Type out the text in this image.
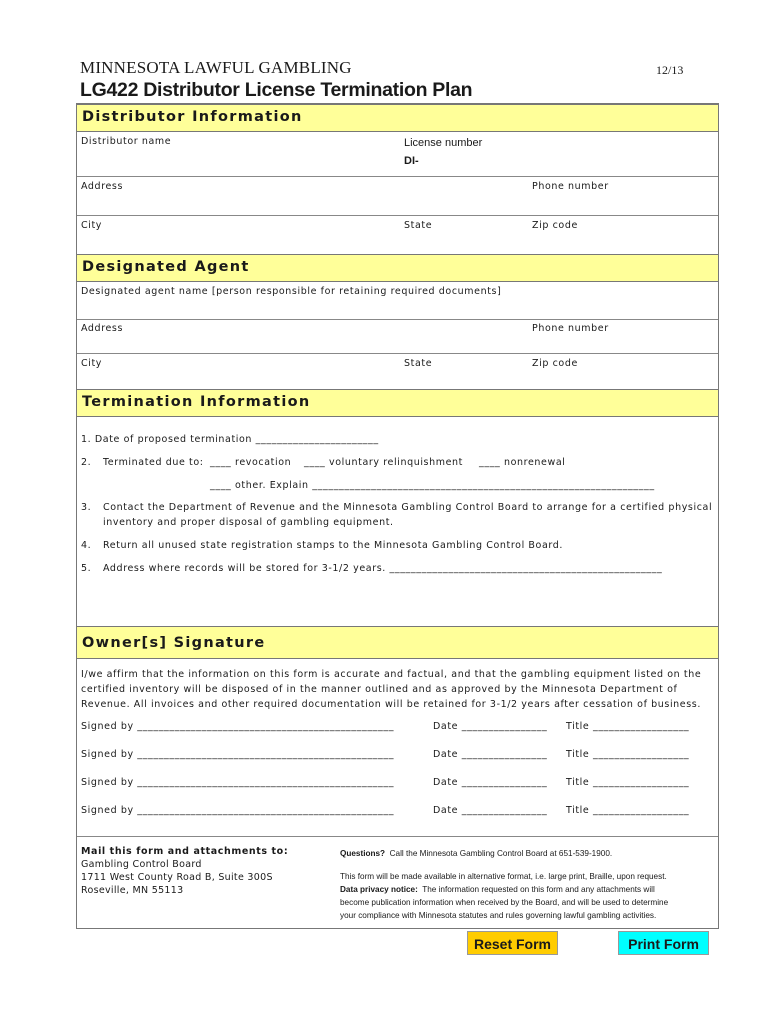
MINNESOTA LAWFUL GAMBLING	12/13
LG422 Distributor License Termination Plan
Distributor Information
Distributor name	License number
DI-
Address	Phone number
City	State	Zip code
Designated Agent
Designated agent name [person responsible for retaining required documents]
Address	Phone number
City	State	Zip code
Termination Information
1. Date of proposed termination _______________________
2. Terminated due to: ____ revocation ____ voluntary relinquishment ____ nonrenewal
____ other. Explain ________________________________________________________________
3. Contact the Department of Revenue and the Minnesota Gambling Control Board to arrange for a certified physical inventory and proper disposal of gambling equipment.
4. Return all unused state registration stamps to the Minnesota Gambling Control Board.
5. Address where records will be stored for 3-1/2 years. ___________________________________________________
Owner[s] Signature
I/we affirm that the information on this form is accurate and factual, and that the gambling equipment listed on the certified inventory will be disposed of in the manner outlined and as approved by the Minnesota Department of Revenue. All invoices and other required documentation will be retained for 3-1/2 years after cessation of business.
Signed by ________________________________________________	Date ________________ Title __________________
Signed by ________________________________________________	Date ________________ Title __________________
Signed by ________________________________________________	Date ________________ Title __________________
Signed by ________________________________________________	Date ________________ Title __________________
Mail this form and attachments to:
Gambling Control Board
1711 West County Road B, Suite 300S
Roseville, MN 55113
Questions? Call the Minnesota Gambling Control Board at 651-539-1900.
This form will be made available in alternative format, i.e. large print, Braille, upon request.
Data privacy notice: The information requested on this form and any attachments will
become publication information when received by the Board, and will be used to determine
your compliance with Minnesota statutes and rules governing lawful gambling activities.
Reset Form	Print Form
